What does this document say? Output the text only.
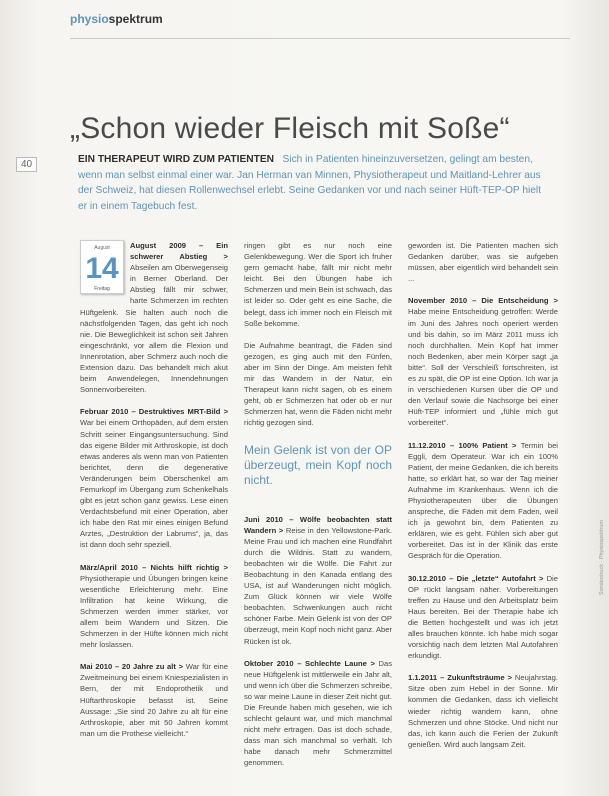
physiospektrum
„Schon wieder Fleisch mit Soße“
40	EIN THERAPEUT WIRD ZUM PATIENTEN Sich in Patienten hineinzuversetzen, gelingt am besten, wenn man selbst einmal einer war. Jan Herman van Minnen, Physiotherapeut und Maitland-Lehrer aus der Schweiz, hat diesen Rollenwechsel erlebt. Seine Gedanken vor und nach seiner Hüft-TEP-OP hielt er in einem Tagebuch fest.
August
14
Freitag

August 2009 – Ein schwerer Abstieg > Abseilen am Oberwegenseig in Berner Oberland. Der Abstieg fällt mir schwer, harte Schmerzen im rechten Hüftgelenk. Sie halten auch noch die nächstfolgenden Tagen, das geht ich noch nie. Die Beweglichkeit ist schon seit Jahren eingeschränkt, vor allem die Flexion und Innenrotation, aber Schmerz auch noch die Extension dazu. Das behandelt mich akut beim Anwendelegen, Innendehnungen Sonnenvorbereiten.

Februar 2010 – Destruktives MRT-Bild > War bei einem Orthopäden, auf dem ersten Schritt seiner Eingangsuntersuchung. Sind das eigene Bilder mit Arthroskopie, ist doch etwas anderes als wenn man von Patienten berichtet, denn die degenerative Veränderungen beim Oberschenkel am Femurkopf im Übergang zum Schenkelhals gibt es jetzt schon ganz gewiss. Lese einen Verdachtsbefund mit einer Operation, aber ich habe den Rat mir eines einigen Befund Arztes, „Destruktion der Labrums“, ja, das ist dann doch sehr speziell.

März/April 2010 – Nichts hilft richtig > Physiotherapie und Übungen bringen keine wesentliche Erleichterung mehr. Eine Infiltration hat keine Wirkung, die Schmerzen werden immer stärker, vor allem beim Wandern und Sitzen. Die Schmerzen in der Hüfte können mich nicht mehr loslassen.

Mai 2010 – 20 Jahre zu alt > War für eine Zweitmeinung bei einem Kniespezialisten in Bern, der mit Endoprothetik und Hüftarthroskopie befasst ist. Seine Aussage: „Sie sind 20 Jahre zu alt für eine Arthroskopie, aber mit 50 Jahren kommt man um die Prothese vielleicht.“

ringen gibt es nur noch eine Gelenkbewegung. Wer die Sport ich fruher gern gemacht habe, fällt mir nicht mehr leicht. Bei den Übungen habe ich Schmerzen und mein Bein ist schwach, das ist leider so. Oder geht es eine Sache, die belegt, dass ich immer noch ein Fleisch mit Soße bekomme.

Die Aufnahme beantragt, die Fäden sind gezogen, es ging auch mit den Fünfen, aber im Sinn der Dinge. Am meisten fehlt mir das Wandern in der Natur, ein Therapeut kann nicht sagen, ob es einem geht, ob er Schmerzen hat oder ob er nur Schmerzen hat, wenn die Fäden nicht mehr richtig gezogen sind.

Mein Gelenk ist von der OP überzeugt, mein Kopf noch nicht.

Juni 2010 – Wölfe beobachten statt Wandern > Reise in den Yellowstone-Park. Meine Frau und ich machen eine Rundfahrt durch die Wildnis. Statt zu wandern, beobachten wir die Wölfe. Die Fahrt zur Beobachtung in den Kanada entlang des USA, ist auf Wanderungen nicht möglich. Zum Glück können wir viele Wölfe beobachten. Schwenkungen auch nicht schöner Farbe. Mein Gelenk ist von der OP überzeugt, mein Kopf noch nicht ganz. Aber Rücken ist ok.

Oktober 2010 – Schlechte Laune > Das neue Hüftgelenk ist mittlerweile ein Jahr alt, und wenn ich über die Schmerzen schreibe, so war meine Laune in dieser Zeit nicht gut. Die Freunde haben mich gesehen, wie ich schlecht gelaunt war, und mich manchmal nicht mehr ertragen. Das ist doch schade, dass man sich manchmal so verhält. Ich habe danach mehr Schmerzmittel genommen.

geworden ist. Die Patienten machen sich Gedanken darüber, was sie aufgeben müssen, aber eigentlich wird behandelt sein ...

November 2010 – Die Entscheidung > Habe meine Entscheidung getroffen: Werde im Juni des Jahres noch operiert werden und bis dahin, so im März 2011 muss ich noch durchhalten. Mein Kopf hat immer noch Bedenken, aber mein Körper sagt „ja bitte“. Soll der Verschleiß fortschreiten, ist es zu spät, die OP ist eine Option. Ich war ja in verschiedenen Kursen über die OP und den Verlauf sowie die Nachsorge bei einer Hüft-TEP informiert und „fühle mich gut vorbereitet“.

11.12.2010 – 100% Patient > Termin bei Eggli, dem Operateur. War ich ein 100% Patient, der meine Gedanken, die ich bereits hatte, so erklärt hat, so war der Tag meiner Aufnahme im Krankenhaus. Wenn ich die Physiotherapeuten über die Übungen anspreche, die Fäden mit dem Faden, weil ich ja gewohnt bin, dem Patienten zu erklären, wie es geht. Fühlen sich aber gut vorbereitet. Das ist in der Klinik das erste Gespräch für die Operation.

30.12.2010 – Die „letzte“ Autofahrt > Die OP rückt langsam näher. Vorbereitungen treffen zu Hause und den Arbeitsplatz beim Haus bereiten. Bei der Therapie habe ich die Betten hochgestellt und was ich jetzt alles brauchen könnte. Ich habe mich sogar vorsichtig nach dem letzten Mal Autofahren erkundigt.

1.1.2011 – Zukunftsträume > Neujahrstag. Sitze oben zum Hebel in der Sonne. Mir kommen die Gedanken, dass ich vielleicht wieder richtig wandern kann, ohne Schmerzen und ohne Stöcke. Und nicht nur das, ich kann auch die Ferien der Zukunft genießen. Wird auch langsam Zeit.

Sonderdruck · Physiospektrum
